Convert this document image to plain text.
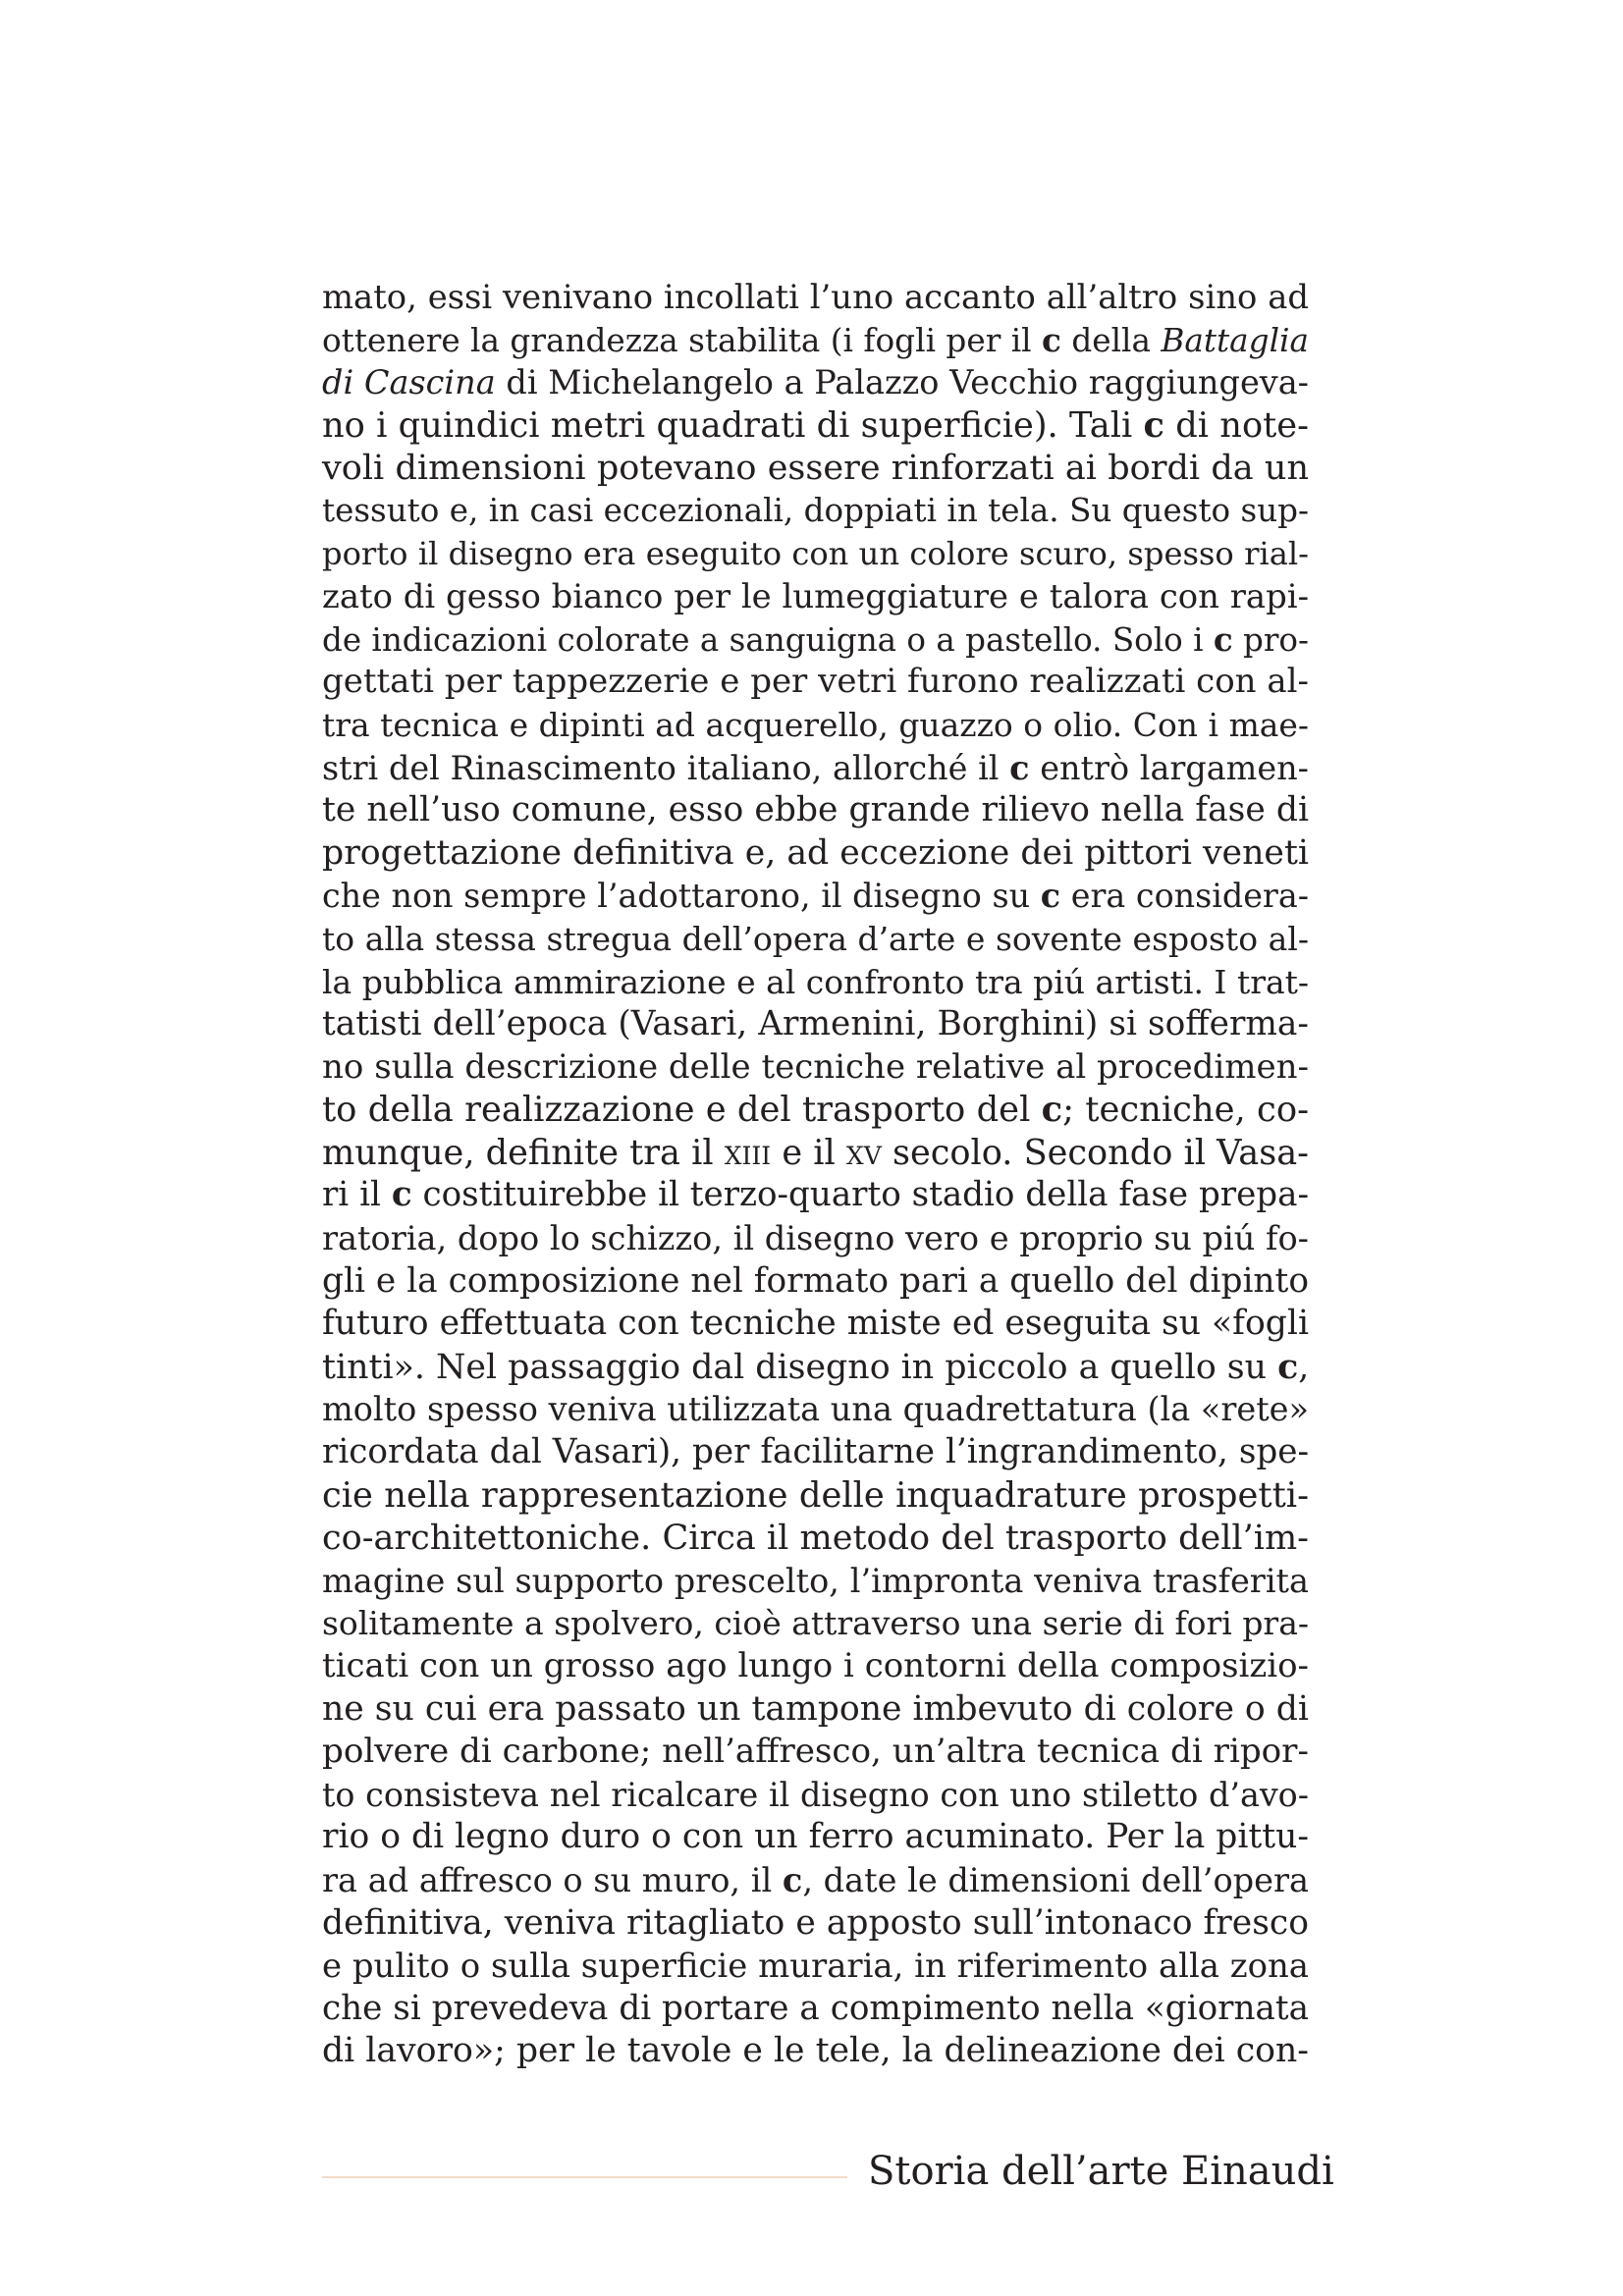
mato, essi venivano incollati l’uno accanto all’altro sino ad
ottenere la grandezza stabilita (i fogli per il c della Battaglia
di Cascina di Michelangelo a Palazzo Vecchio raggiungeva-
no i quindici metri quadrati di superficie). Tali c di note-
voli dimensioni potevano essere rinforzati ai bordi da un
tessuto e, in casi eccezionali, doppiati in tela. Su questo sup-
porto il disegno era eseguito con un colore scuro, spesso rial-
zato di gesso bianco per le lumeggiature e talora con rapi-
de indicazioni colorate a sanguigna o a pastello. Solo i c pro-
gettati per tappezzerie e per vetri furono realizzati con al-
tra tecnica e dipinti ad acquerello, guazzo o olio. Con i mae-
stri del Rinascimento italiano, allorché il c entrò largamen-
te nell’uso comune, esso ebbe grande rilievo nella fase di
progettazione definitiva e, ad eccezione dei pittori veneti
che non sempre l’adottarono, il disegno su c era considera-
to alla stessa stregua dell’opera d’arte e sovente esposto al-
la pubblica ammirazione e al confronto tra piú artisti. I trat-
tatisti dell’epoca (Vasari, Armenini, Borghini) si sofferma-
no sulla descrizione delle tecniche relative al procedimen-
to della realizzazione e del trasporto del c; tecniche, co-
munque, definite tra il xiii e il xv secolo. Secondo il Vasa-
ri il c costituirebbe il terzo-quarto stadio della fase prepa-
ratoria, dopo lo schizzo, il disegno vero e proprio su piú fo-
gli e la composizione nel formato pari a quello del dipinto
futuro effettuata con tecniche miste ed eseguita su «fogli
tinti». Nel passaggio dal disegno in piccolo a quello su c,
molto spesso veniva utilizzata una quadrettatura (la «rete»
ricordata dal Vasari), per facilitarne l’ingrandimento, spe-
cie nella rappresentazione delle inquadrature prospetti-
co-architettoniche. Circa il metodo del trasporto dell’im-
magine sul supporto prescelto, l’impronta veniva trasferita
solitamente a spolvero, cioè attraverso una serie di fori pra-
ticati con un grosso ago lungo i contorni della composizio-
ne su cui era passato un tampone imbevuto di colore o di
polvere di carbone; nell’affresco, un’altra tecnica di ripor-
to consisteva nel ricalcare il disegno con uno stiletto d’avo-
rio o di legno duro o con un ferro acuminato. Per la pittu-
ra ad affresco o su muro, il c, date le dimensioni dell’opera
definitiva, veniva ritagliato e apposto sull’intonaco fresco
e pulito o sulla superficie muraria, in riferimento alla zona
che si prevedeva di portare a compimento nella «giornata
di lavoro»; per le tavole e le tele, la delineazione dei con-
Storia dell’arte Einaudi
